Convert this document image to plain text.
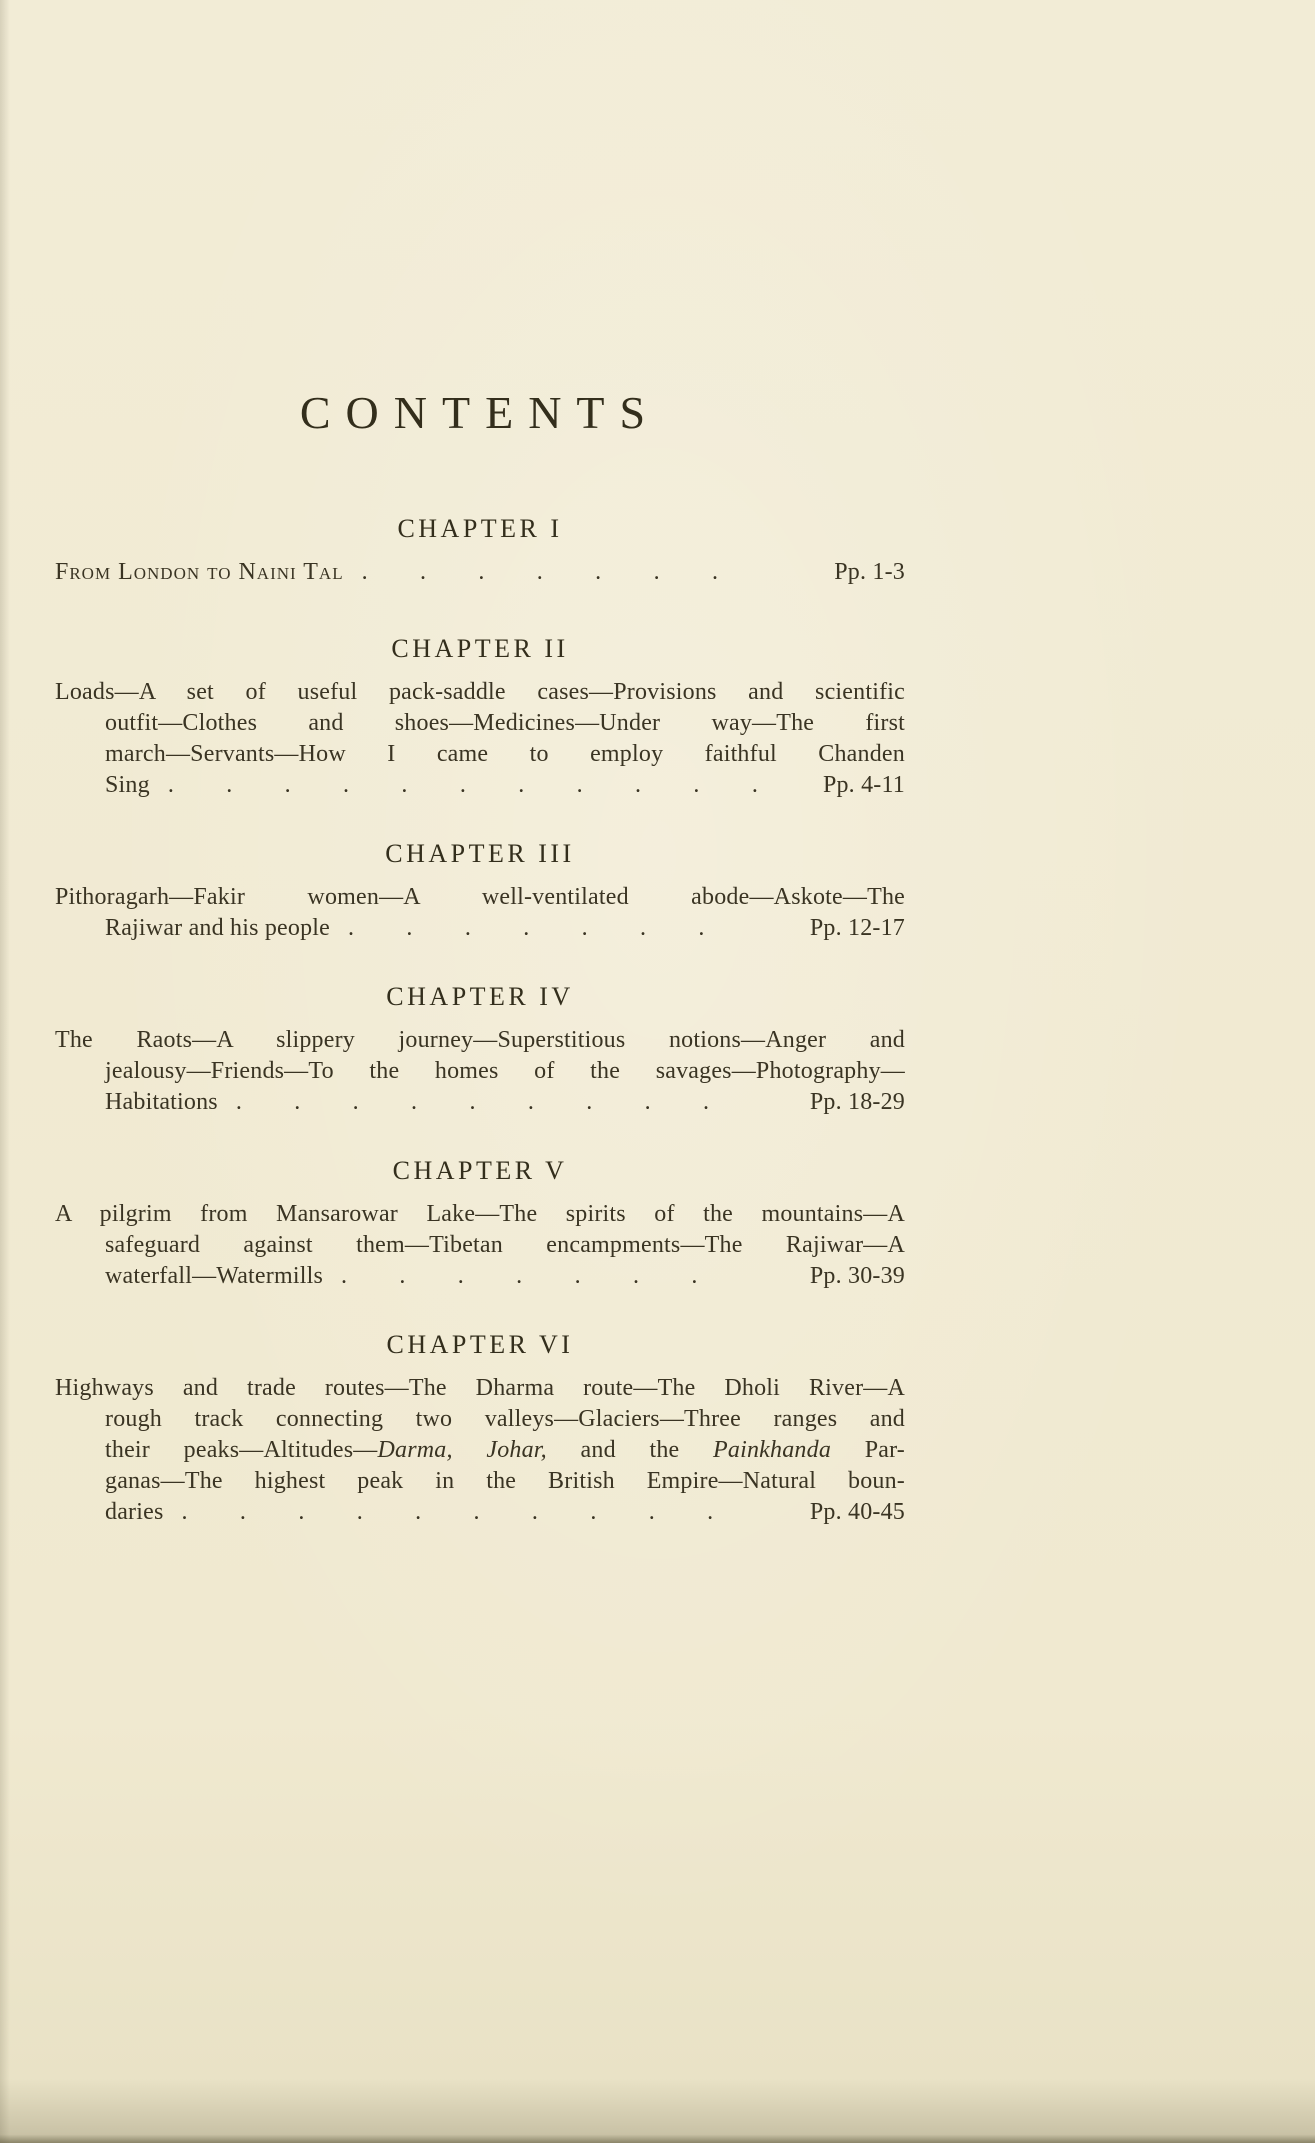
CONTENTS
CHAPTER I
From London to Naini Tal . . . . . . .	Pp. 1-3
CHAPTER II
Loads—A set of useful pack-saddle cases—Provisions and scientific
outfit—Clothes and shoes—Medicines—Under way—The first
march—Servants—How I came to employ faithful Chanden
Sing . . . . . . . . . . .	Pp. 4-11
CHAPTER III
Pithoragarh—Fakir women—A well-ventilated abode—Askote—The
Rajiwar and his people . . . . . . .	Pp. 12-17
CHAPTER IV
The Raots—A slippery journey—Superstitious notions—Anger and
jealousy—Friends—To the homes of the savages—Photography—
Habitations . . . . . . . . .	Pp. 18-29
CHAPTER V
A pilgrim from Mansarowar Lake—The spirits of the mountains—A
safeguard against them—Tibetan encampments—The Rajiwar—A
waterfall—Watermills . . . . . . .	Pp. 30-39
CHAPTER VI
Highways and trade routes—The Dharma route—The Dholi River—A
rough track connecting two valleys—Glaciers—Three ranges and
their peaks—Altitudes—Darma, Johar, and the Painkhanda Par-
ganas—The highest peak in the British Empire—Natural boun-
daries . . . . . . . . . .	Pp. 40-45
